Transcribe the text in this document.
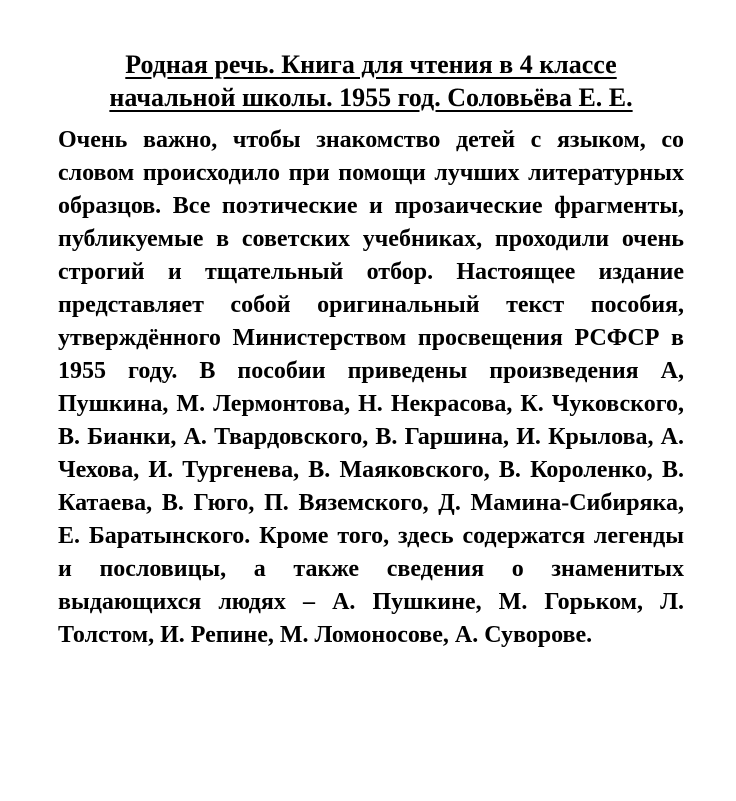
Родная речь. Книга для чтения в 4 классе
начальной школы. 1955 год. Соловьёва Е. Е.

Очень важно, чтобы знакомство детей с языком, со словом происходило при помощи лучших литературных образцов. Все поэтические и прозаические фрагменты, публикуемые в советских учебниках, проходили очень строгий и тщательный отбор. Настоящее издание представляет собой оригинальный текст пособия, утверждённого Министерством просвещения РСФСР в 1955 году. В пособии приведены произведения А, Пушкина, М. Лермонтова, Н. Некрасова, К. Чуковского, В. Бианки, А. Твардовского, В. Гаршина, И. Крылова, А. Чехова, И. Тургенева, В. Маяковского, В. Короленко, В. Катаева, В. Гюго, П. Вяземского, Д. Мамина-Сибиряка, Е. Баратынского. Кроме того, здесь содержатся легенды и пословицы, а также сведения о знаменитых выдающихся людях – А. Пушкине, М. Горьком, Л. Толстом, И. Репине, М. Ломоносове, А. Суворове.
